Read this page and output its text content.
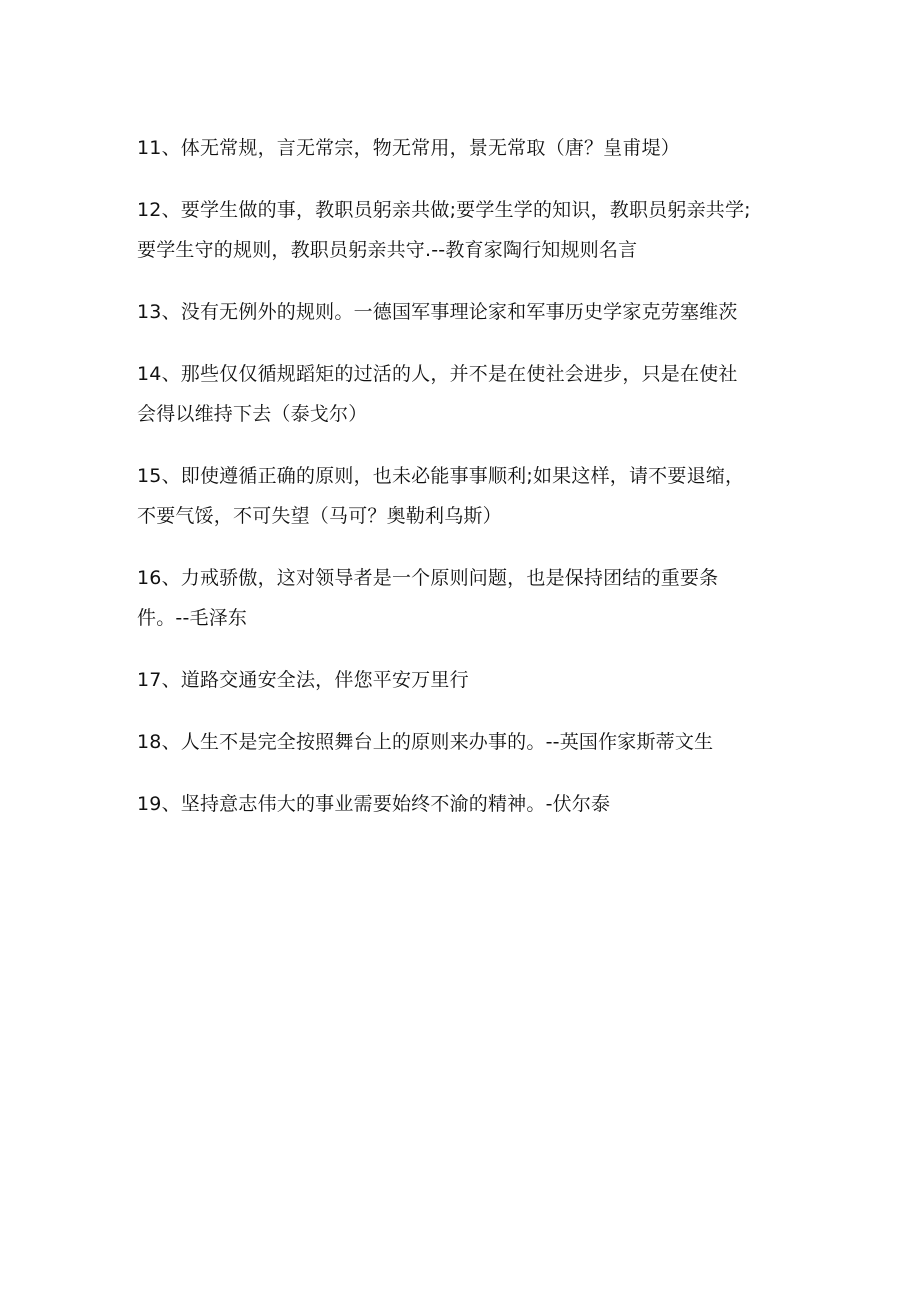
11、体无常规，言无常宗，物无常用，景无常取（唐？皇甫堤）
12、要学生做的事，教职员躬亲共做;要学生学的知识，教职员躬亲共学;
要学生守的规则，教职员躬亲共守.--教育家陶行知规则名言
13、没有无例外的规则。一德国军事理论家和军事历史学家克劳塞维茨
14、那些仅仅循规蹈矩的过活的人，并不是在使社会进步，只是在使社
会得以维持下去（泰戈尔）
15、即使遵循正确的原则，也未必能事事顺利;如果这样，请不要退缩，
不要气馁，不可失望（马可？奥勒利乌斯）
16、力戒骄傲，这对领导者是一个原则问题，也是保持团结的重要条
件。--毛泽东
17、道路交通安全法，伴您平安万里行
18、人生不是完全按照舞台上的原则来办事的。--英国作家斯蒂文生
19、坚持意志伟大的事业需要始终不渝的精神。-伏尔泰
